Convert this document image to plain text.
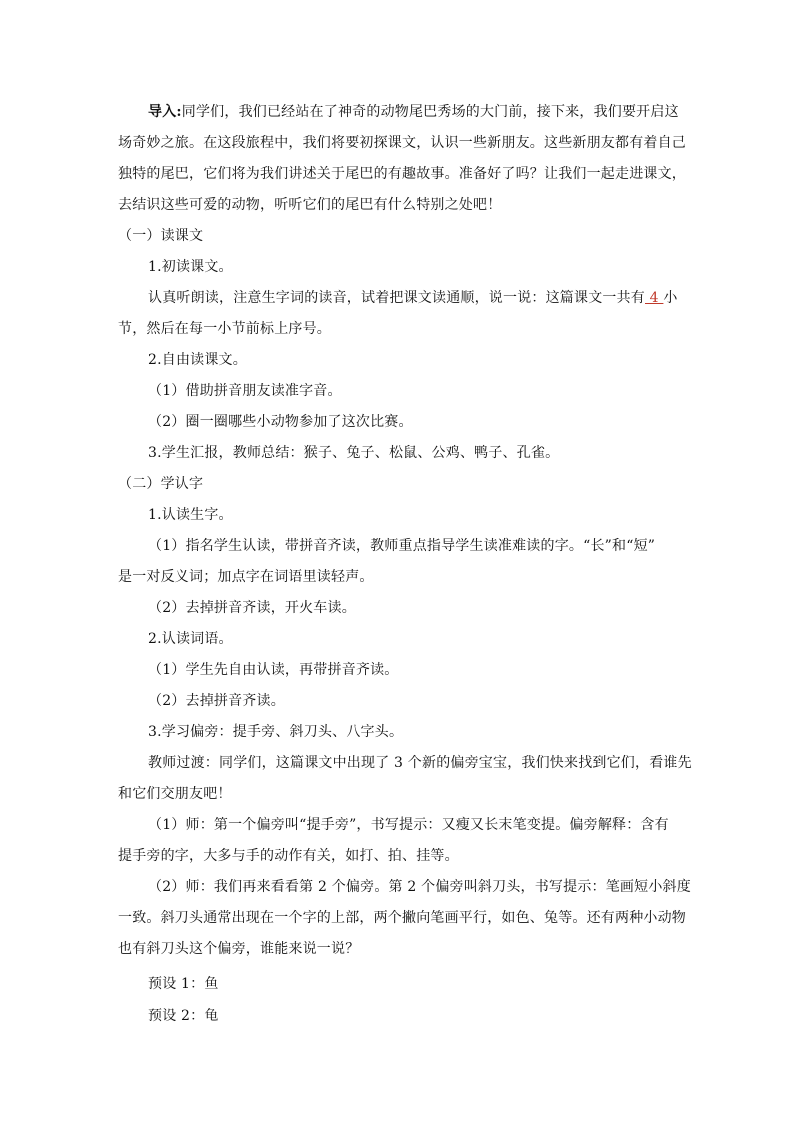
导入:同学们，我们已经站在了神奇的动物尾巴秀场的大门前，接下来，我们要开启这
场奇妙之旅。在这段旅程中，我们将要初探课文，认识一些新朋友。这些新朋友都有着自己
独特的尾巴，它们将为我们讲述关于尾巴的有趣故事。准备好了吗？让我们一起走进课文，
去结识这些可爱的动物，听听它们的尾巴有什么特别之处吧！
（一）读课文
1.初读课文。
认真听朗读，注意生字词的读音，试着把课文读通顺，说一说：这篇课文一共有 4 小
节，然后在每一小节前标上序号。
2.自由读课文。
（1）借助拼音朋友读准字音。
（2）圈一圈哪些小动物参加了这次比赛。
3.学生汇报，教师总结：猴子、兔子、松鼠、公鸡、鸭子、孔雀。
（二）学认字
1.认读生字。
（1）指名学生认读，带拼音齐读，教师重点指导学生读准难读的字。“长”和“短”
是一对反义词；加点字在词语里读轻声。
（2）去掉拼音齐读，开火车读。
2.认读词语。
（1）学生先自由认读，再带拼音齐读。
（2）去掉拼音齐读。
3.学习偏旁：提手旁、斜刀头、八字头。
教师过渡：同学们，这篇课文中出现了 3 个新的偏旁宝宝，我们快来找到它们，看谁先
和它们交朋友吧！
（1）师：第一个偏旁叫“提手旁”，书写提示：又瘦又长末笔变提。偏旁解释：含有
提手旁的字，大多与手的动作有关，如打、拍、挂等。
（2）师：我们再来看看第 2 个偏旁。第 2 个偏旁叫斜刀头，书写提示：笔画短小斜度
一致。斜刀头通常出现在一个字的上部，两个撇向笔画平行，如色、兔等。还有两种小动物
也有斜刀头这个偏旁，谁能来说一说？
预设 1：鱼
预设 2：龟
